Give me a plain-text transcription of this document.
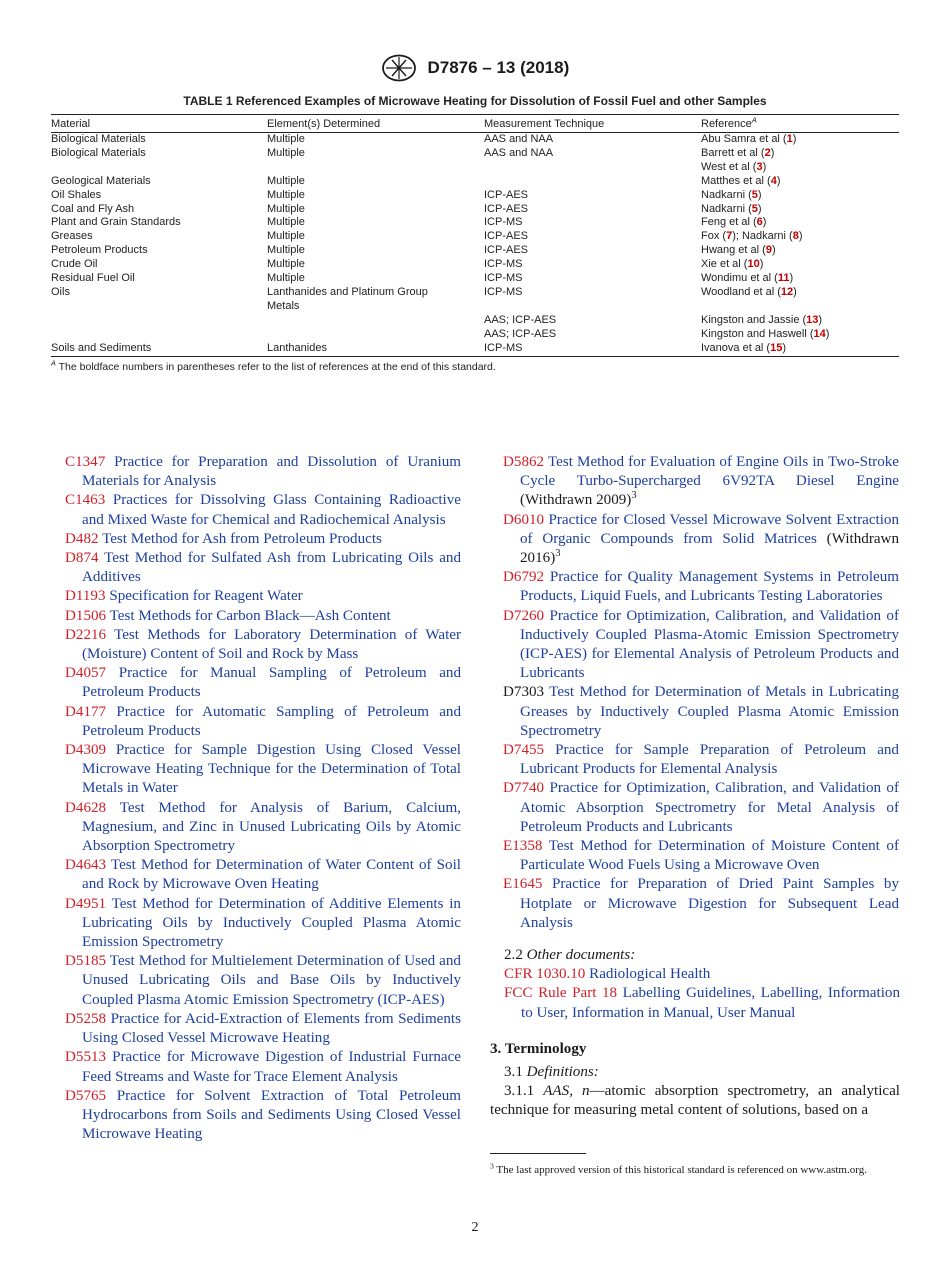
D7876 – 13 (2018)
TABLE 1 Referenced Examples of Microwave Heating for Dissolution of Fossil Fuel and other Samples
Material	Element(s) Determined	Measurement Technique	Reference$^A$
Biological Materials	Multiple	AAS and NAA	Abu Samra et al (1)
Biological Materials	Multiple	AAS and NAA	Barrett et al (2)
			West et al (3)
Geological Materials	Multiple		Matthes et al (4)
Oil Shales	Multiple	ICP-AES	Nadkarni (5)
Coal and Fly Ash	Multiple	ICP-AES	Nadkarni (5)
Plant and Grain Standards	Multiple	ICP-MS	Feng et al (6)
Greases	Multiple	ICP-AES	Fox (7); Nadkarni (8)
Petroleum Products	Multiple	ICP-AES	Hwang et al (9)
Crude Oil	Multiple	ICP-MS	Xie et al (10)
Residual Fuel Oil	Multiple	ICP-MS	Wondimu et al (11)
Oils	Lanthanides and Platinum Group	ICP-MS	Woodland et al (12)
	Metals		
		AAS; ICP-AES	Kingston and Jassie (13)
		AAS; ICP-AES	Kingston and Haswell (14)
Soils and Sediments	Lanthanides	ICP-MS	Ivanova et al (15)
$^A$ The boldface numbers in parentheses refer to the list of references at the end of this standard.
C1347 Practice for Preparation and Dissolution of Uranium Materials for Analysis
C1463 Practices for Dissolving Glass Containing Radioactive and Mixed Waste for Chemical and Radiochemical Analysis
D482 Test Method for Ash from Petroleum Products
D874 Test Method for Sulfated Ash from Lubricating Oils and Additives
D1193 Specification for Reagent Water
D1506 Test Methods for Carbon Black—Ash Content
D2216 Test Methods for Laboratory Determination of Water (Moisture) Content of Soil and Rock by Mass
D4057 Practice for Manual Sampling of Petroleum and Petroleum Products
D4177 Practice for Automatic Sampling of Petroleum and Petroleum Products
D4309 Practice for Sample Digestion Using Closed Vessel Microwave Heating Technique for the Determination of Total Metals in Water
D4628 Test Method for Analysis of Barium, Calcium, Magnesium, and Zinc in Unused Lubricating Oils by Atomic Absorption Spectrometry
D4643 Test Method for Determination of Water Content of Soil and Rock by Microwave Oven Heating
D4951 Test Method for Determination of Additive Elements in Lubricating Oils by Inductively Coupled Plasma Atomic Emission Spectrometry
D5185 Test Method for Multielement Determination of Used and Unused Lubricating Oils and Base Oils by Inductively Coupled Plasma Atomic Emission Spectrometry (ICP-AES)
D5258 Practice for Acid-Extraction of Elements from Sediments Using Closed Vessel Microwave Heating
D5513 Practice for Microwave Digestion of Industrial Furnace Feed Streams and Waste for Trace Element Analysis
D5765 Practice for Solvent Extraction of Total Petroleum Hydrocarbons from Soils and Sediments Using Closed Vessel Microwave Heating
D5862 Test Method for Evaluation of Engine Oils in Two-Stroke Cycle Turbo-Supercharged 6V92TA Diesel Engine (Withdrawn 2009)$^3$
D6010 Practice for Closed Vessel Microwave Solvent Extraction of Organic Compounds from Solid Matrices (Withdrawn 2016)$^3$
D6792 Practice for Quality Management Systems in Petroleum Products, Liquid Fuels, and Lubricants Testing Laboratories
D7260 Practice for Optimization, Calibration, and Validation of Inductively Coupled Plasma-Atomic Emission Spectrometry (ICP-AES) for Elemental Analysis of Petroleum Products and Lubricants
D7303 Test Method for Determination of Metals in Lubricating Greases by Inductively Coupled Plasma Atomic Emission Spectrometry
D7455 Practice for Sample Preparation of Petroleum and Lubricant Products for Elemental Analysis
D7740 Practice for Optimization, Calibration, and Validation of Atomic Absorption Spectrometry for Metal Analysis of Petroleum Products and Lubricants
E1358 Test Method for Determination of Moisture Content of Particulate Wood Fuels Using a Microwave Oven
E1645 Practice for Preparation of Dried Paint Samples by Hotplate or Microwave Digestion for Subsequent Lead Analysis
2.2 Other documents:
CFR 1030.10 Radiological Health
FCC Rule Part 18 Labelling Guidelines, Labelling, Information to User, Information in Manual, User Manual
3. Terminology
3.1 Definitions:
3.1.1 AAS, n—atomic absorption spectrometry, an analytical technique for measuring metal content of solutions, based on a
$^3$ The last approved version of this historical standard is referenced on www.astm.org.
2
